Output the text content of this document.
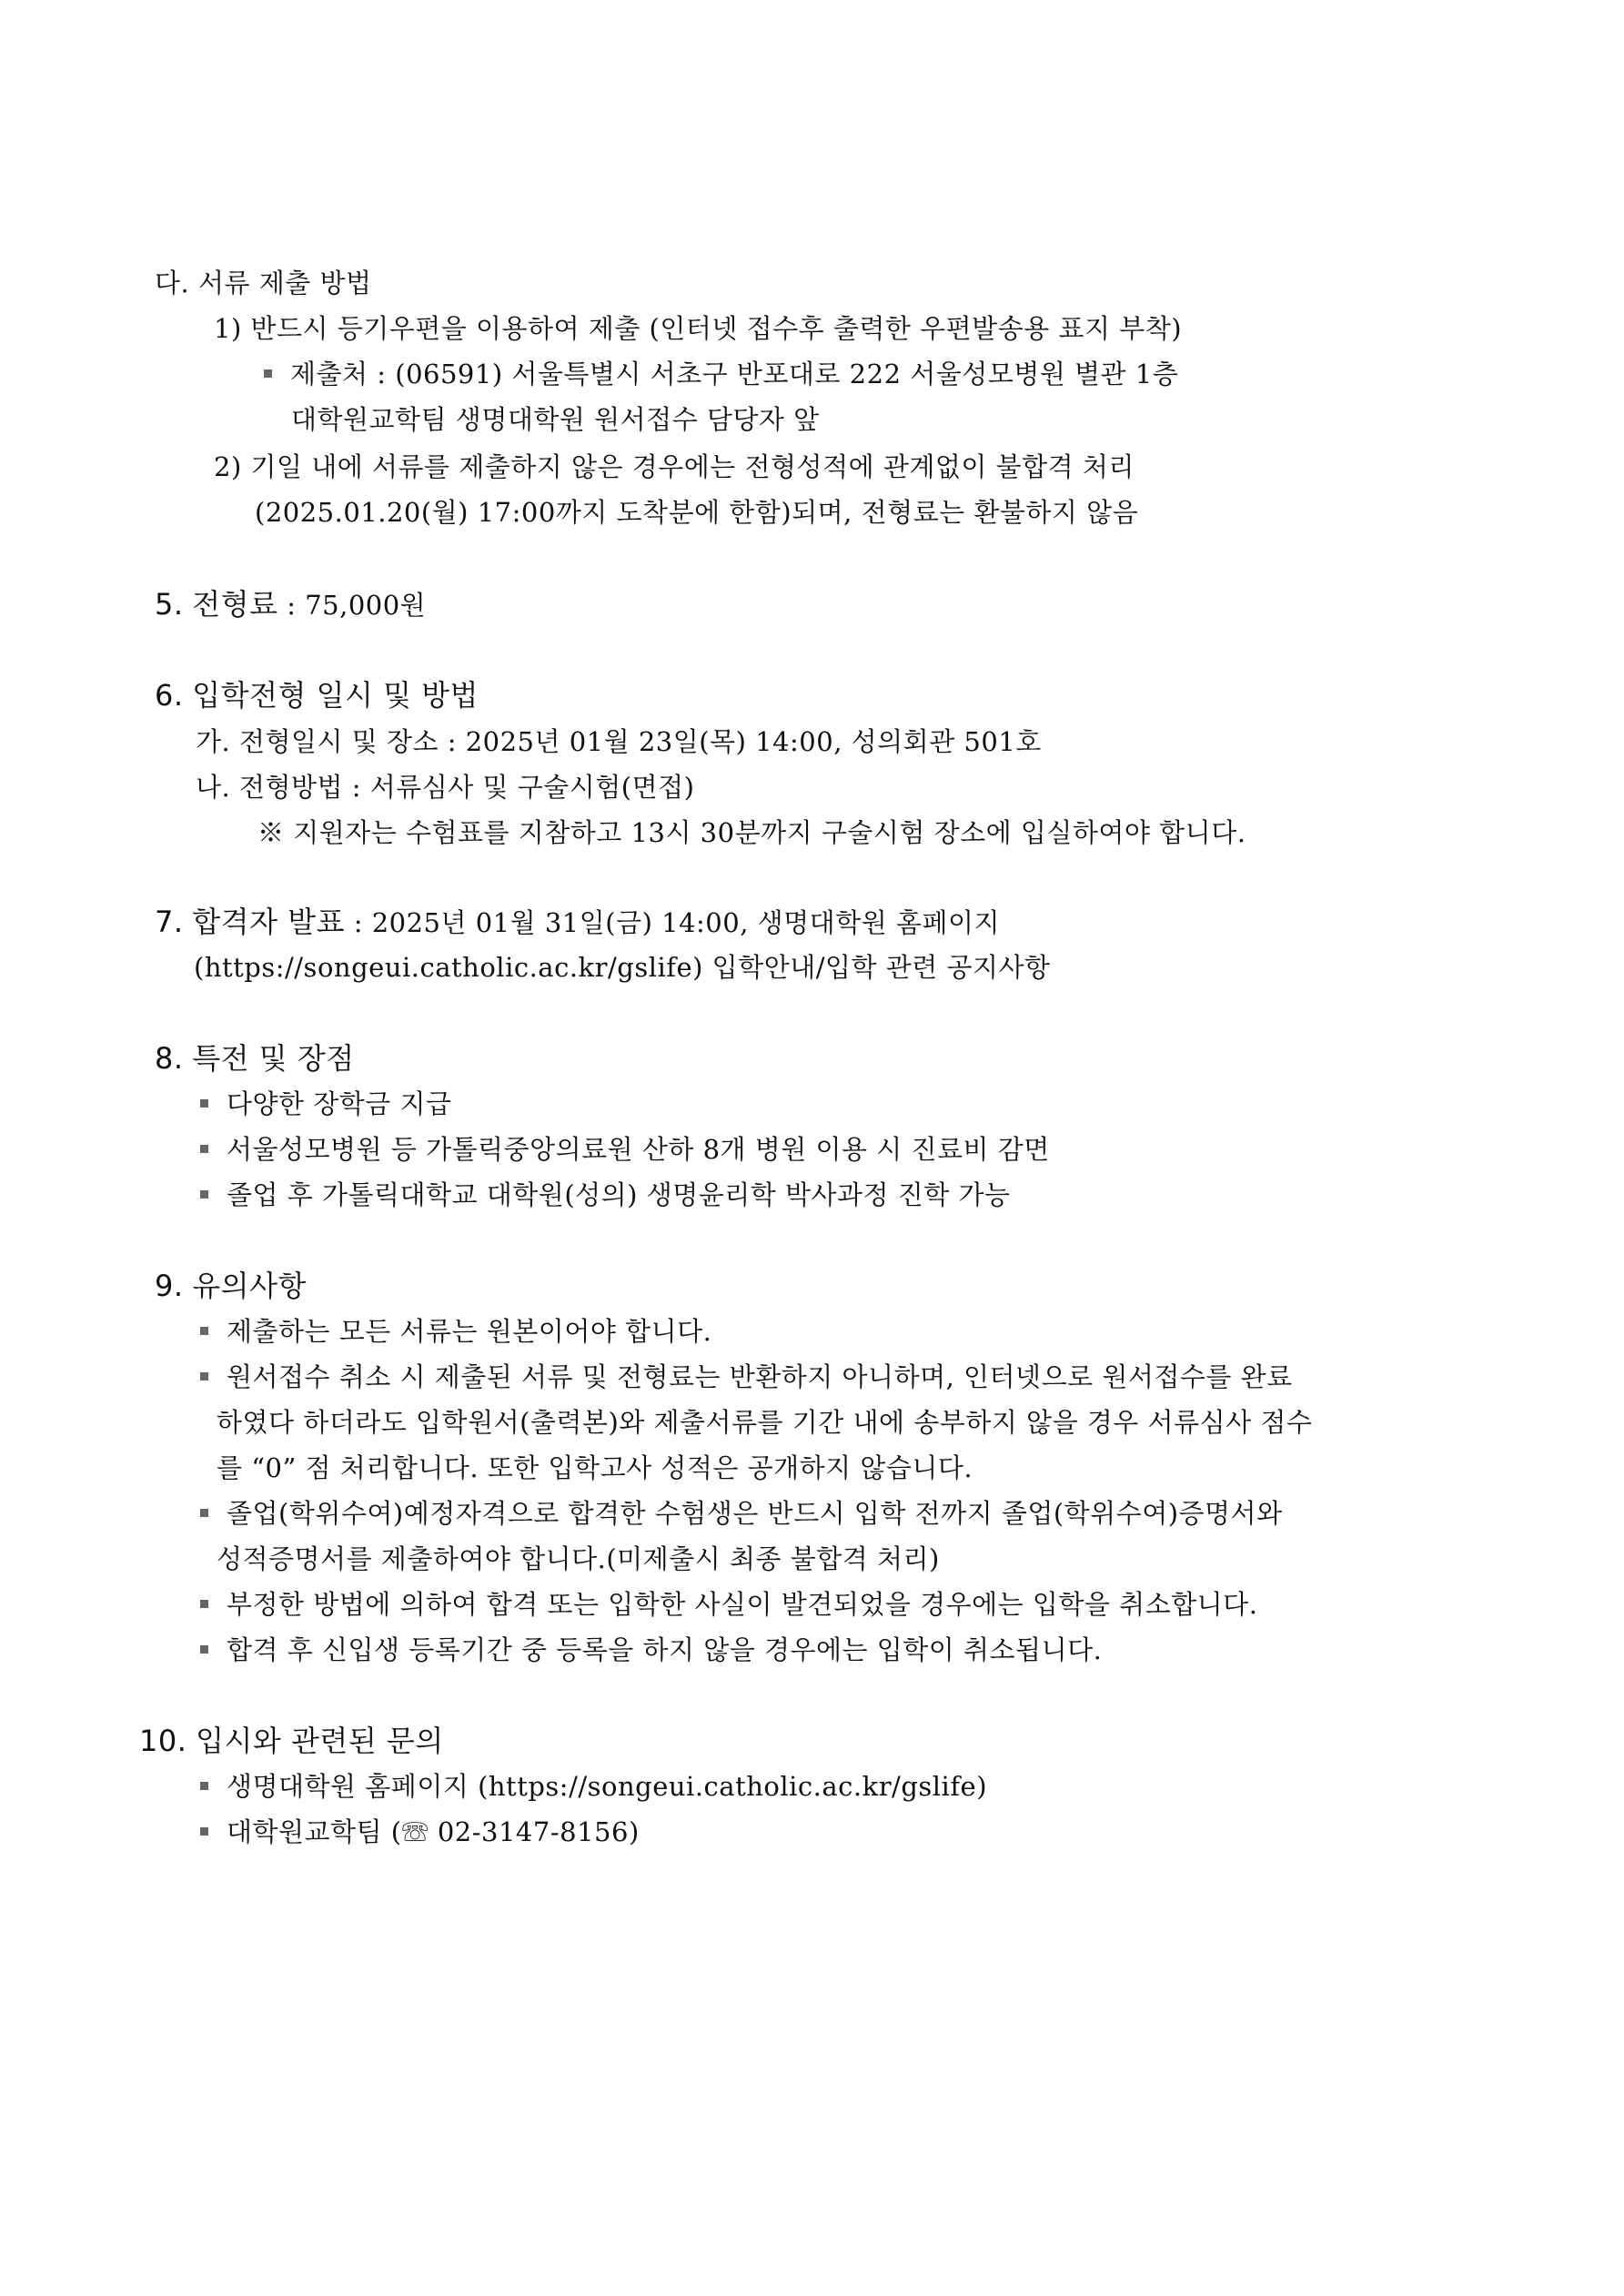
다. 서류 제출 방법
1) 반드시 등기우편을 이용하여 제출 (인터넷 접수후 출력한 우편발송용 표지 부착)
제출처 : (06591) 서울특별시 서초구 반포대로 222 서울성모병원 별관 1층
대학원교학팀 생명대학원 원서접수 담당자 앞
2) 기일 내에 서류를 제출하지 않은 경우에는 전형성적에 관계없이 불합격 처리
(2025.01.20(월) 17:00까지 도착분에 한함)되며, 전형료는 환불하지 않음
5. 전형료 : 75,000원
6. 입학전형 일시 및 방법
가. 전형일시 및 장소 : 2025년 01월 23일(목) 14:00, 성의회관 501호
나. 전형방법 : 서류심사 및 구술시험(면접)
※ 지원자는 수험표를 지참하고 13시 30분까지 구술시험 장소에 입실하여야 합니다.
7. 합격자 발표 : 2025년 01월 31일(금) 14:00, 생명대학원 홈페이지
(https://songeui.catholic.ac.kr/gslife) 입학안내/입학 관련 공지사항
8. 특전 및 장점
다양한 장학금 지급
서울성모병원 등 가톨릭중앙의료원 산하 8개 병원 이용 시 진료비 감면
졸업 후 가톨릭대학교 대학원(성의) 생명윤리학 박사과정 진학 가능
9. 유의사항
제출하는 모든 서류는 원본이어야 합니다.
원서접수 취소 시 제출된 서류 및 전형료는 반환하지 아니하며, 인터넷으로 원서접수를 완료
하였다 하더라도 입학원서(출력본)와 제출서류를 기간 내에 송부하지 않을 경우 서류심사 점수
를 “0” 점 처리합니다. 또한 입학고사 성적은 공개하지 않습니다.
졸업(학위수여)예정자격으로 합격한 수험생은 반드시 입학 전까지 졸업(학위수여)증명서와
성적증명서를 제출하여야 합니다.(미제출시 최종 불합격 처리)
부정한 방법에 의하여 합격 또는 입학한 사실이 발견되었을 경우에는 입학을 취소합니다.
합격 후 신입생 등록기간 중 등록을 하지 않을 경우에는 입학이 취소됩니다.
10. 입시와 관련된 문의
생명대학원 홈페이지 (https://songeui.catholic.ac.kr/gslife)
대학원교학팀 (☏ 02-3147-8156)
